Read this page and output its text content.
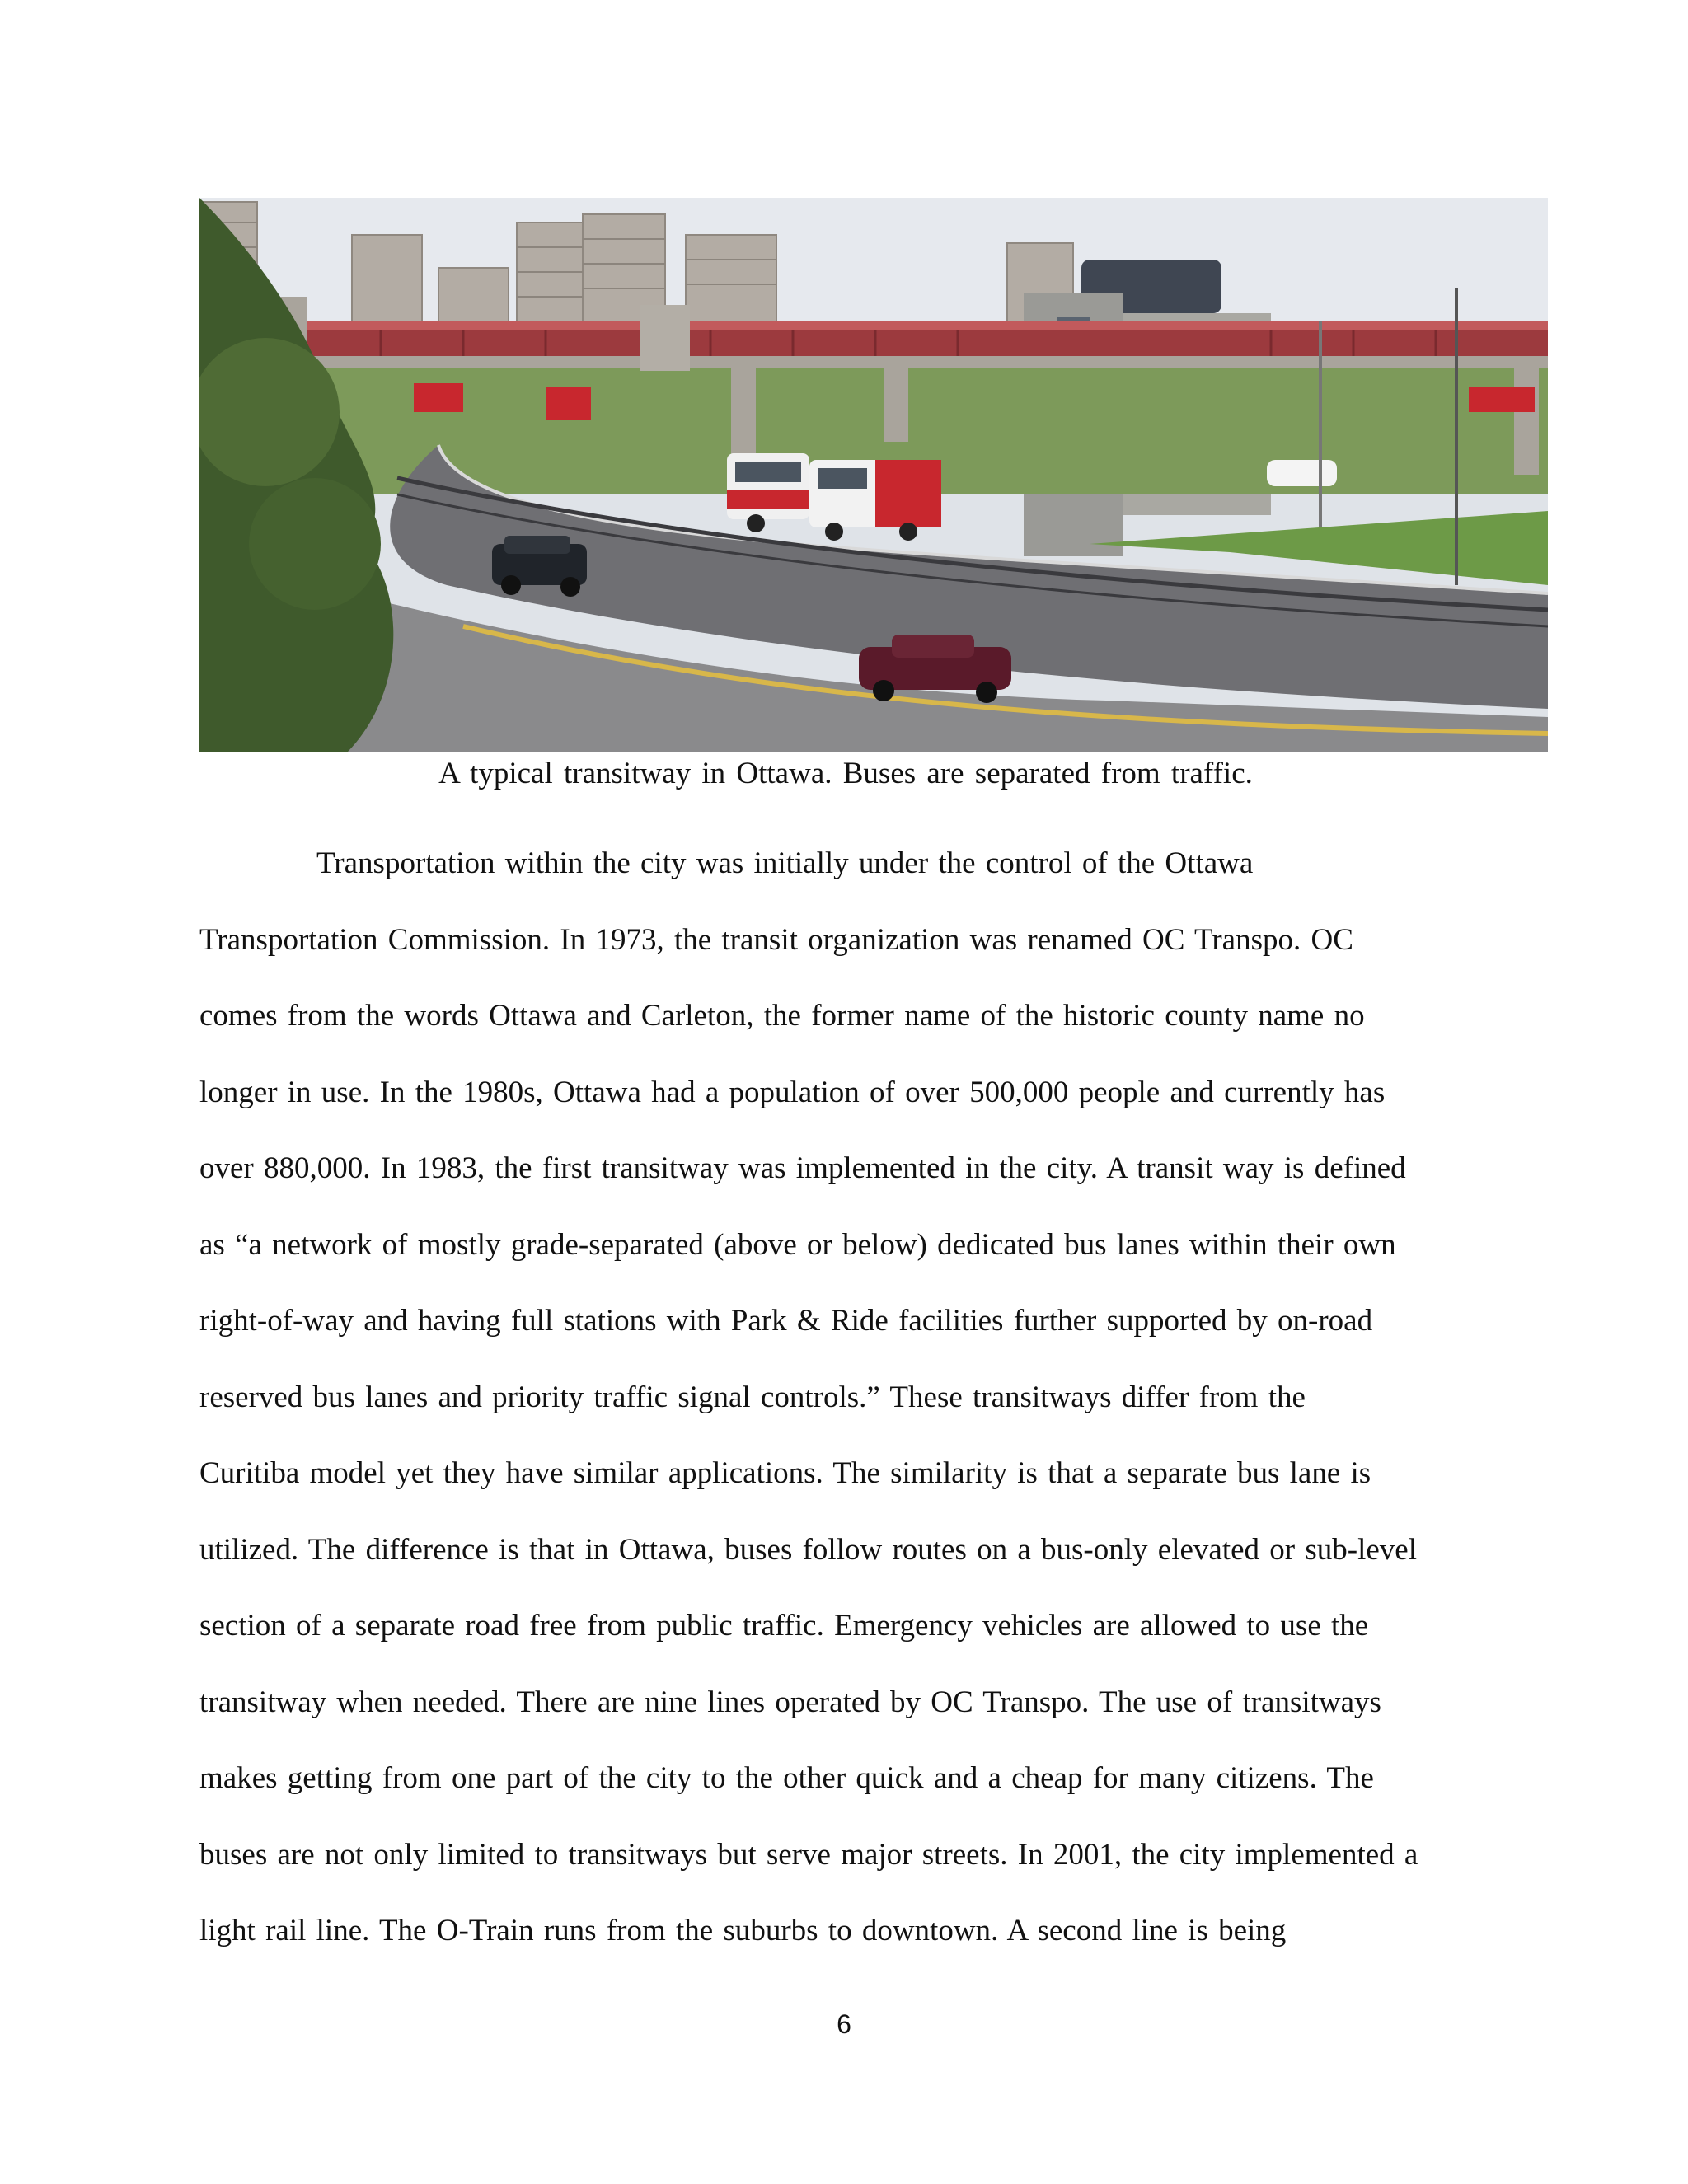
A typical transitway in Ottawa. Buses are separated from traffic.
Transportation within the city was initially under the control of the Ottawa
Transportation Commission. In 1973, the transit organization was renamed OC Transpo. OC
comes from the words Ottawa and Carleton, the former name of the historic county name no
longer in use. In the 1980s, Ottawa had a population of over 500,000 people and currently has
over 880,000. In 1983, the first transitway was implemented in the city. A transit way is defined
as “a network of mostly grade-separated (above or below) dedicated bus lanes within their own
right-of-way and having full stations with Park & Ride facilities further supported by on-road
reserved bus lanes and priority traffic signal controls.” These transitways differ from the
Curitiba model yet they have similar applications. The similarity is that a separate bus lane is
utilized. The difference is that in Ottawa, buses follow routes on a bus-only elevated or sub-level
section of a separate road free from public traffic. Emergency vehicles are allowed to use the
transitway when needed. There are nine lines operated by OC Transpo. The use of transitways
makes getting from one part of the city to the other quick and a cheap for many citizens. The
buses are not only limited to transitways but serve major streets. In 2001, the city implemented a
light rail line. The O-Train runs from the suburbs to downtown. A second line is being
6
